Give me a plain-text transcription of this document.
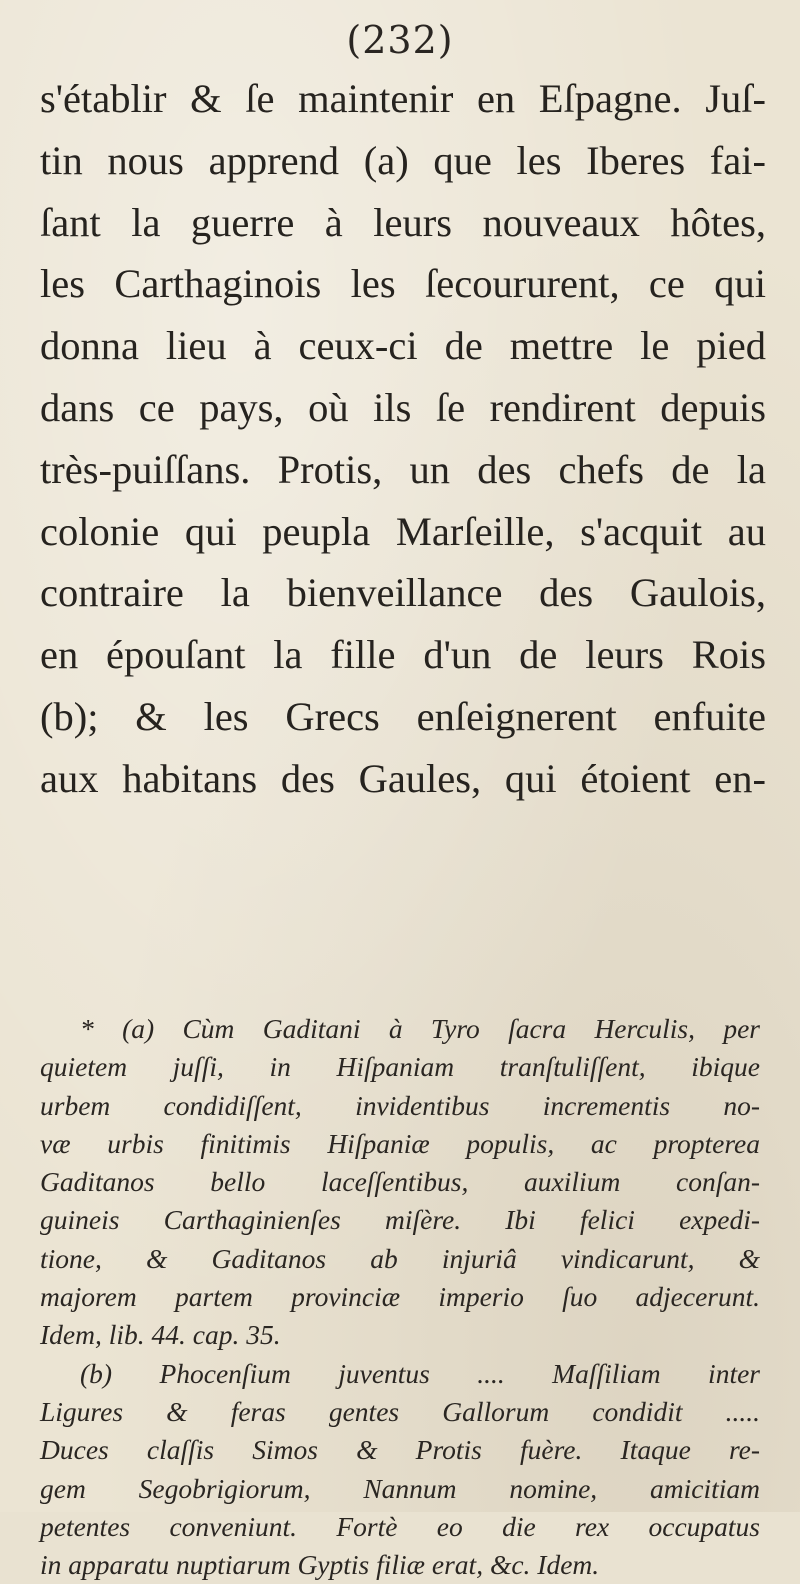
(232)
s'établir & ſe maintenir en Eſpagne. Juſ-
tin nous apprend (a) que les Iberes fai-
ſant la guerre à leurs nouveaux hôtes,
les Carthaginois les ſecoururent, ce qui
donna lieu à ceux-ci de mettre le pied
dans ce pays, où ils ſe rendirent depuis
très-puiſſans. Protis, un des chefs de la
colonie qui peupla Marſeille, s'acquit au
contraire la bienveillance des Gaulois,
en épouſant la fille d'un de leurs Rois
(b); & les Grecs enſeignerent enfuite
aux habitans des Gaules, qui étoient en-
* (a) Cùm Gaditani à Tyro ſacra Herculis, per
quietem juſſi, in Hiſpaniam tranſtuliſſent, ibique
urbem condidiſſent, invidentibus incrementis no-
væ urbis finitimis Hiſpaniæ populis, ac propterea
Gaditanos bello laceſſentibus, auxilium conſan-
guineis Carthaginienſes miſère. Ibi felici expedi-
tione, & Gaditanos ab injuriâ vindicarunt, &
majorem partem provinciæ imperio ſuo adjecerunt.
Idem, lib. 44. cap. 35.
(b) Phocenſium juventus .... Maſſiliam inter
Ligures & feras gentes Gallorum condidit .....
Duces claſſis Simos & Protis fuère. Itaque re-
gem Segobrigiorum, Nannum nomine, amicitiam
petentes conveniunt. Fortè eo die rex occupatus
in apparatu nuptiarum Gyptis filiæ erat, &c. Idem.
